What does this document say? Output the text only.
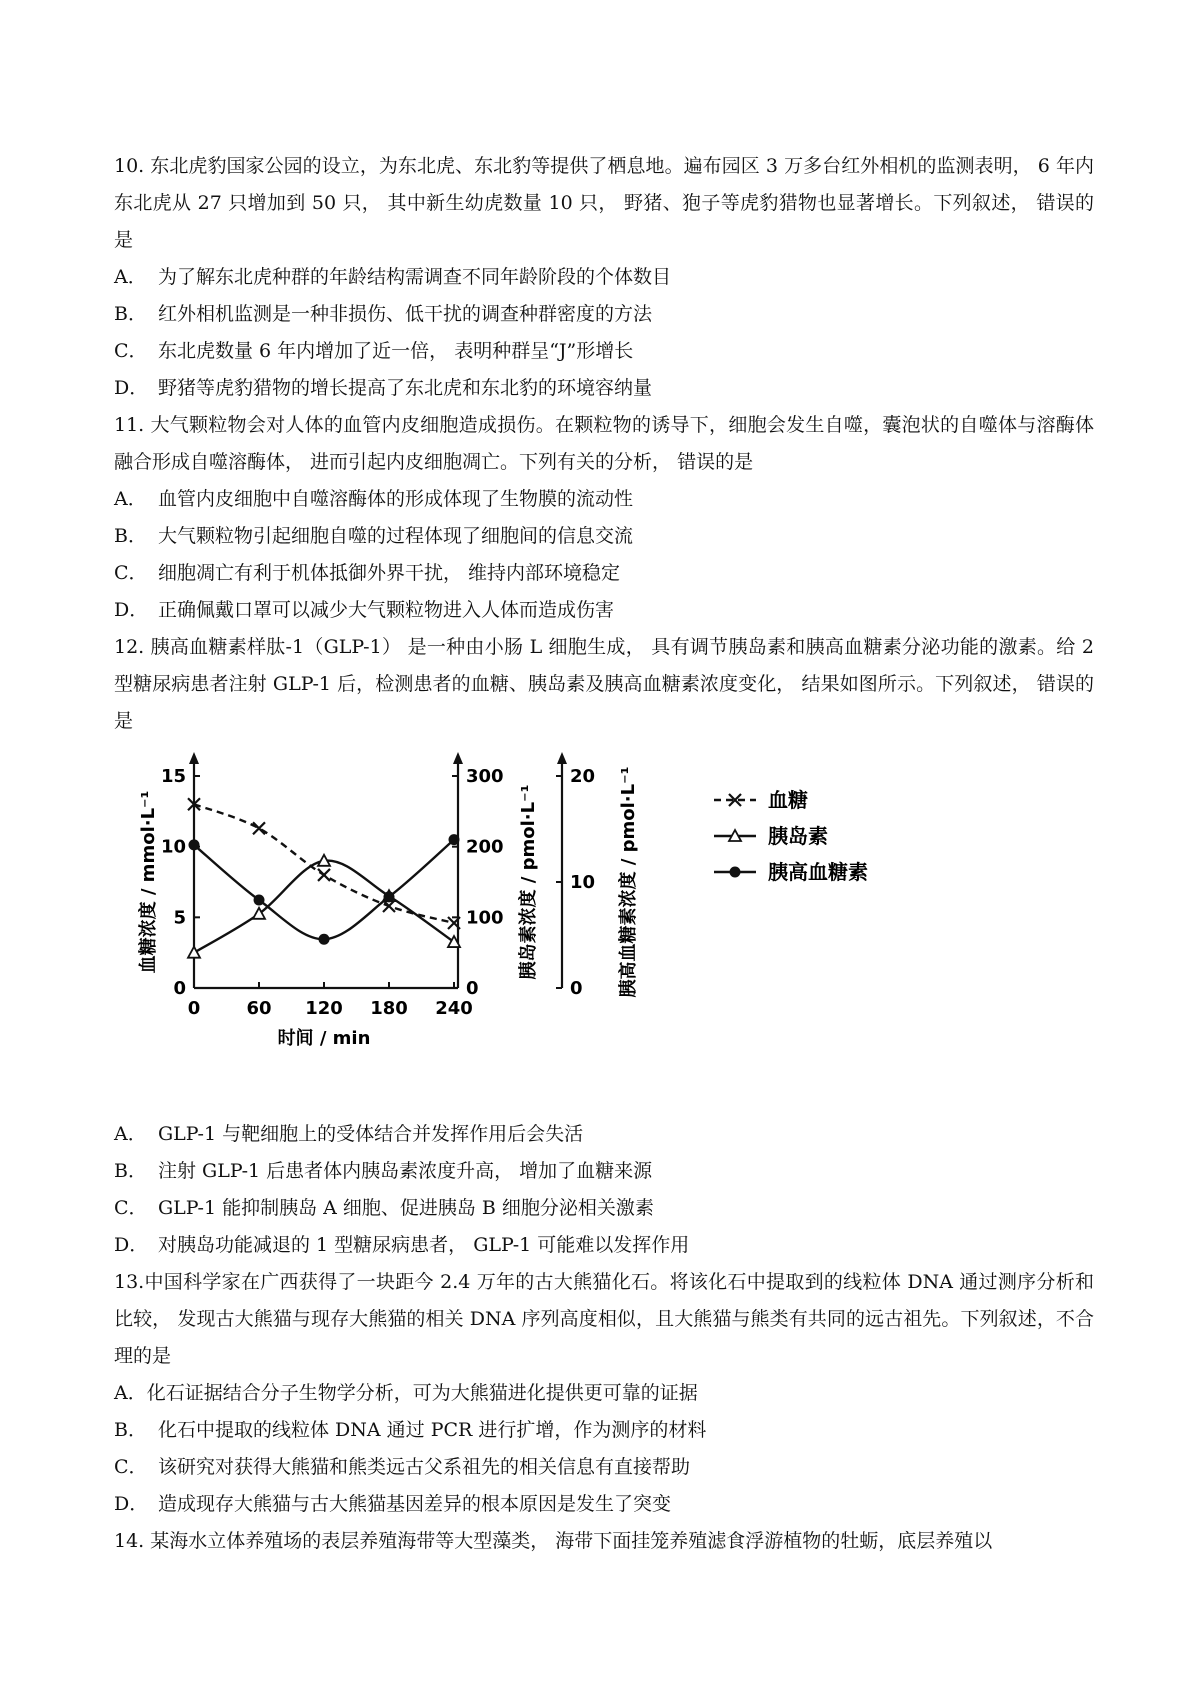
10. 东北虎豹国家公园的设立，为东北虎、东北豹等提供了栖息地。遍布园区 3 万多台红外相机的监测表明， 6 年内东北虎从 27 只增加到 50 只， 其中新生幼虎数量 10 只， 野猪、狍子等虎豹猎物也显著增长。下列叙述， 错误的是

A． 为了解东北虎种群的年龄结构需调查不同年龄阶段的个体数目

B． 红外相机监测是一种非损伤、低干扰的调查种群密度的方法

C． 东北虎数量 6 年内增加了近一倍， 表明种群呈“J”形增长

D． 野猪等虎豹猎物的增长提高了东北虎和东北豹的环境容纳量

11. 大气颗粒物会对人体的血管内皮细胞造成损伤。在颗粒物的诱导下，细胞会发生自噬，囊泡状的自噬体与溶酶体融合形成自噬溶酶体， 进而引起内皮细胞凋亡。下列有关的分析， 错误的是

A． 血管内皮细胞中自噬溶酶体的形成体现了生物膜的流动性

B． 大气颗粒物引起细胞自噬的过程体现了细胞间的信息交流

C． 细胞凋亡有利于机体抵御外界干扰， 维持内部环境稳定

D． 正确佩戴口罩可以减少大气颗粒物进入人体而造成伤害

12. 胰高血糖素样肽-1（GLP-1） 是一种由小肠 L 细胞生成， 具有调节胰岛素和胰高血糖素分泌功能的激素。给 2 型糖尿病患者注射 GLP-1 后，检测患者的血糖、胰岛素及胰高血糖素浓度变化， 结果如图所示。下列叙述， 错误的是

0
5
10
15
0
100
200
300
0
10
20
0	60 120 180 240
时间 / min
血糖浓度 / mmol·L⁻¹	胰岛素浓度 / pmol·L⁻¹	胰高血糖素浓度 / pmol·L⁻¹	血糖
胰岛素
胰高血糖素

A． GLP-1 与靶细胞上的受体结合并发挥作用后会失活

B． 注射 GLP-1 后患者体内胰岛素浓度升高， 增加了血糖来源

C． GLP-1 能抑制胰岛 A 细胞、促进胰岛 B 细胞分泌相关激素

D． 对胰岛功能减退的 1 型糖尿病患者， GLP-1 可能难以发挥作用

13.中国科学家在广西获得了一块距今 2.4 万年的古大熊猫化石。将该化石中提取到的线粒体 DNA 通过测序分析和比较， 发现古大熊猫与现存大熊猫的相关 DNA 序列高度相似，且大熊猫与熊类有共同的远古祖先。下列叙述，不合理的是

A．化石证据结合分子生物学分析，可为大熊猫进化提供更可靠的证据

B． 化石中提取的线粒体 DNA 通过 PCR 进行扩增，作为测序的材料

C． 该研究对获得大熊猫和熊类远古父系祖先的相关信息有直接帮助

D． 造成现存大熊猫与古大熊猫基因差异的根本原因是发生了突变

14. 某海水立体养殖场的表层养殖海带等大型藻类， 海带下面挂笼养殖滤食浮游植物的牡蛎，底层养殖以
